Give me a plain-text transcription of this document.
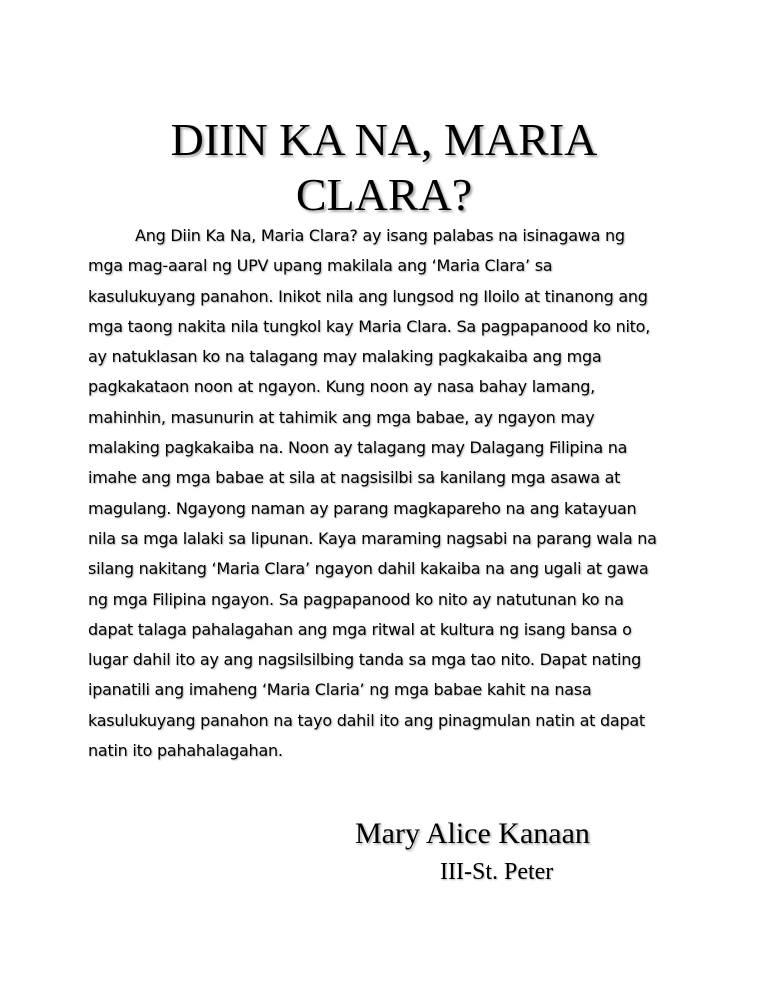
DIIN KA NA, MARIA
CLARA?

Ang Diin Ka Na, Maria Clara? ay isang palabas na isinagawa ng
mga mag-aaral ng UPV upang makilala ang ‘Maria Clara’ sa
kasulukuyang panahon. Inikot nila ang lungsod ng Iloilo at tinanong ang
mga taong nakita nila tungkol kay Maria Clara. Sa pagpapanood ko nito,
ay natuklasan ko na talagang may malaking pagkakaiba ang mga
pagkakataon noon at ngayon. Kung noon ay nasa bahay lamang,
mahinhin, masunurin at tahimik ang mga babae, ay ngayon may
malaking pagkakaiba na. Noon ay talagang may Dalagang Filipina na
imahe ang mga babae at sila at nagsisilbi sa kanilang mga asawa at
magulang. Ngayong naman ay parang magkapareho na ang katayuan
nila sa mga lalaki sa lipunan. Kaya maraming nagsabi na parang wala na
silang nakitang ‘Maria Clara’ ngayon dahil kakaiba na ang ugali at gawa
ng mga Filipina ngayon. Sa pagpapanood ko nito ay natutunan ko na
dapat talaga pahalagahan ang mga ritwal at kultura ng isang bansa o
lugar dahil ito ay ang nagsilsilbing tanda sa mga tao nito. Dapat nating
ipanatili ang imaheng ‘Maria Claria’ ng mga babae kahit na nasa
kasulukuyang panahon na tayo dahil ito ang pinagmulan natin at dapat
natin ito pahahalagahan.

Mary Alice Kanaan
III-St. Peter
